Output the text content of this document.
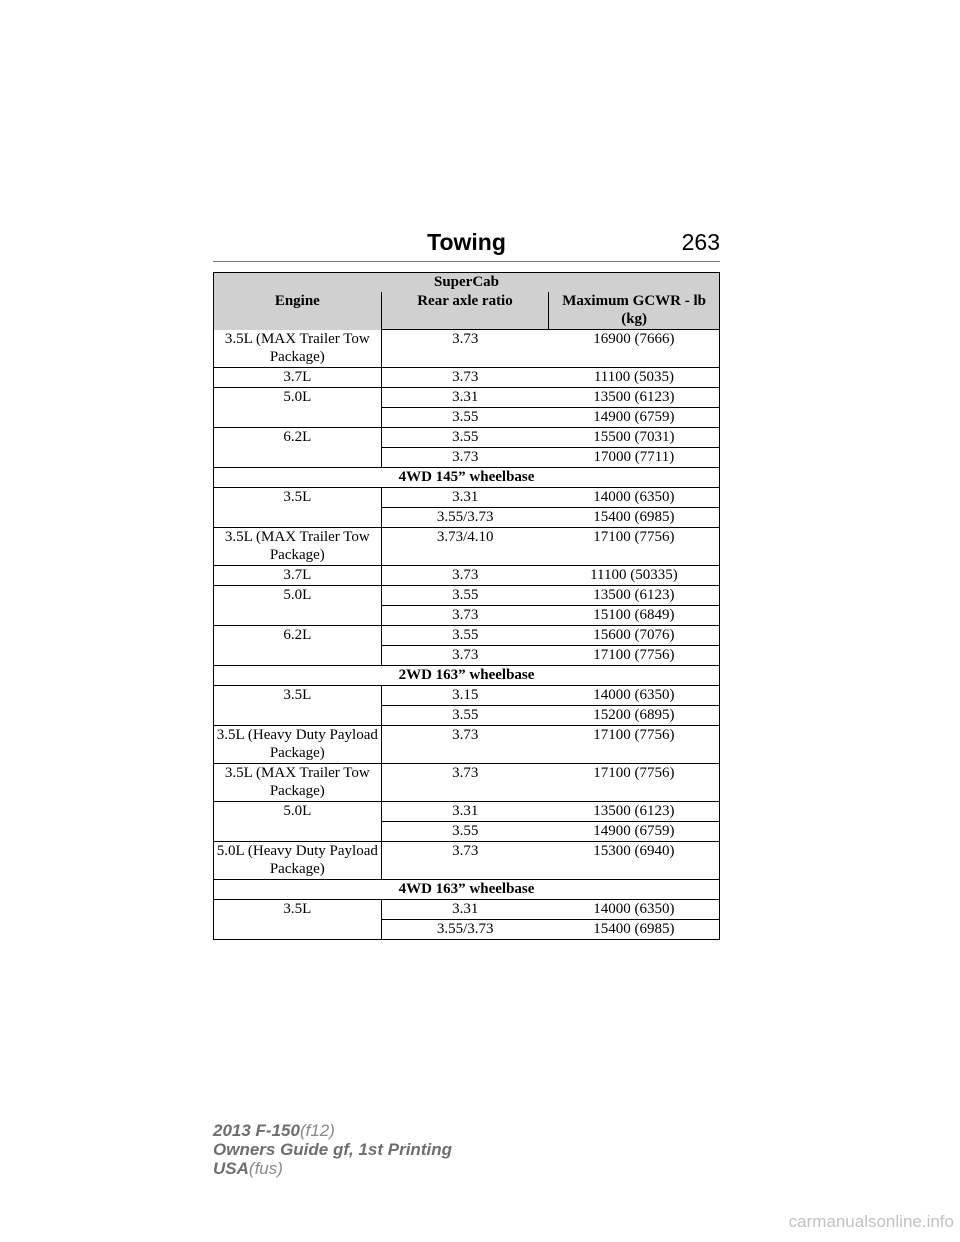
Towing	263
SuperCab		
Engine	Rear axle ratio	Maximum GCWR - lb (kg)
3.5L (MAX Trailer Tow Package)	3.73	16900 (7666)
3.7L	3.73	11100 (5035)
5.0L	3.31	13500 (6123)
	3.55	14900 (6759)
6.2L	3.55	15500 (7031)
	3.73	17000 (7711)
4WD 145” wheelbase		
3.5L	3.31	14000 (6350)
	3.55/3.73	15400 (6985)
3.5L (MAX Trailer Tow Package)	3.73/4.10	17100 (7756)
3.7L	3.73	11100 (50335)
5.0L	3.55	13500 (6123)
	3.73	15100 (6849)
6.2L	3.55	15600 (7076)
	3.73	17100 (7756)
2WD 163” wheelbase		
3.5L	3.15	14000 (6350)
	3.55	15200 (6895)
3.5L (Heavy Duty Payload Package)	3.73	17100 (7756)
3.5L (MAX Trailer Tow Package)	3.73	17100 (7756)
5.0L	3.31	13500 (6123)
	3.55	14900 (6759)
5.0L (Heavy Duty Payload Package)	3.73	15300 (6940)
4WD 163” wheelbase		
3.5L	3.31	14000 (6350)
	3.55/3.73	15400 (6985)
2013 F-150(f12)
Owners Guide gf, 1st Printing
USA(fus)
carmanualsonline.info
